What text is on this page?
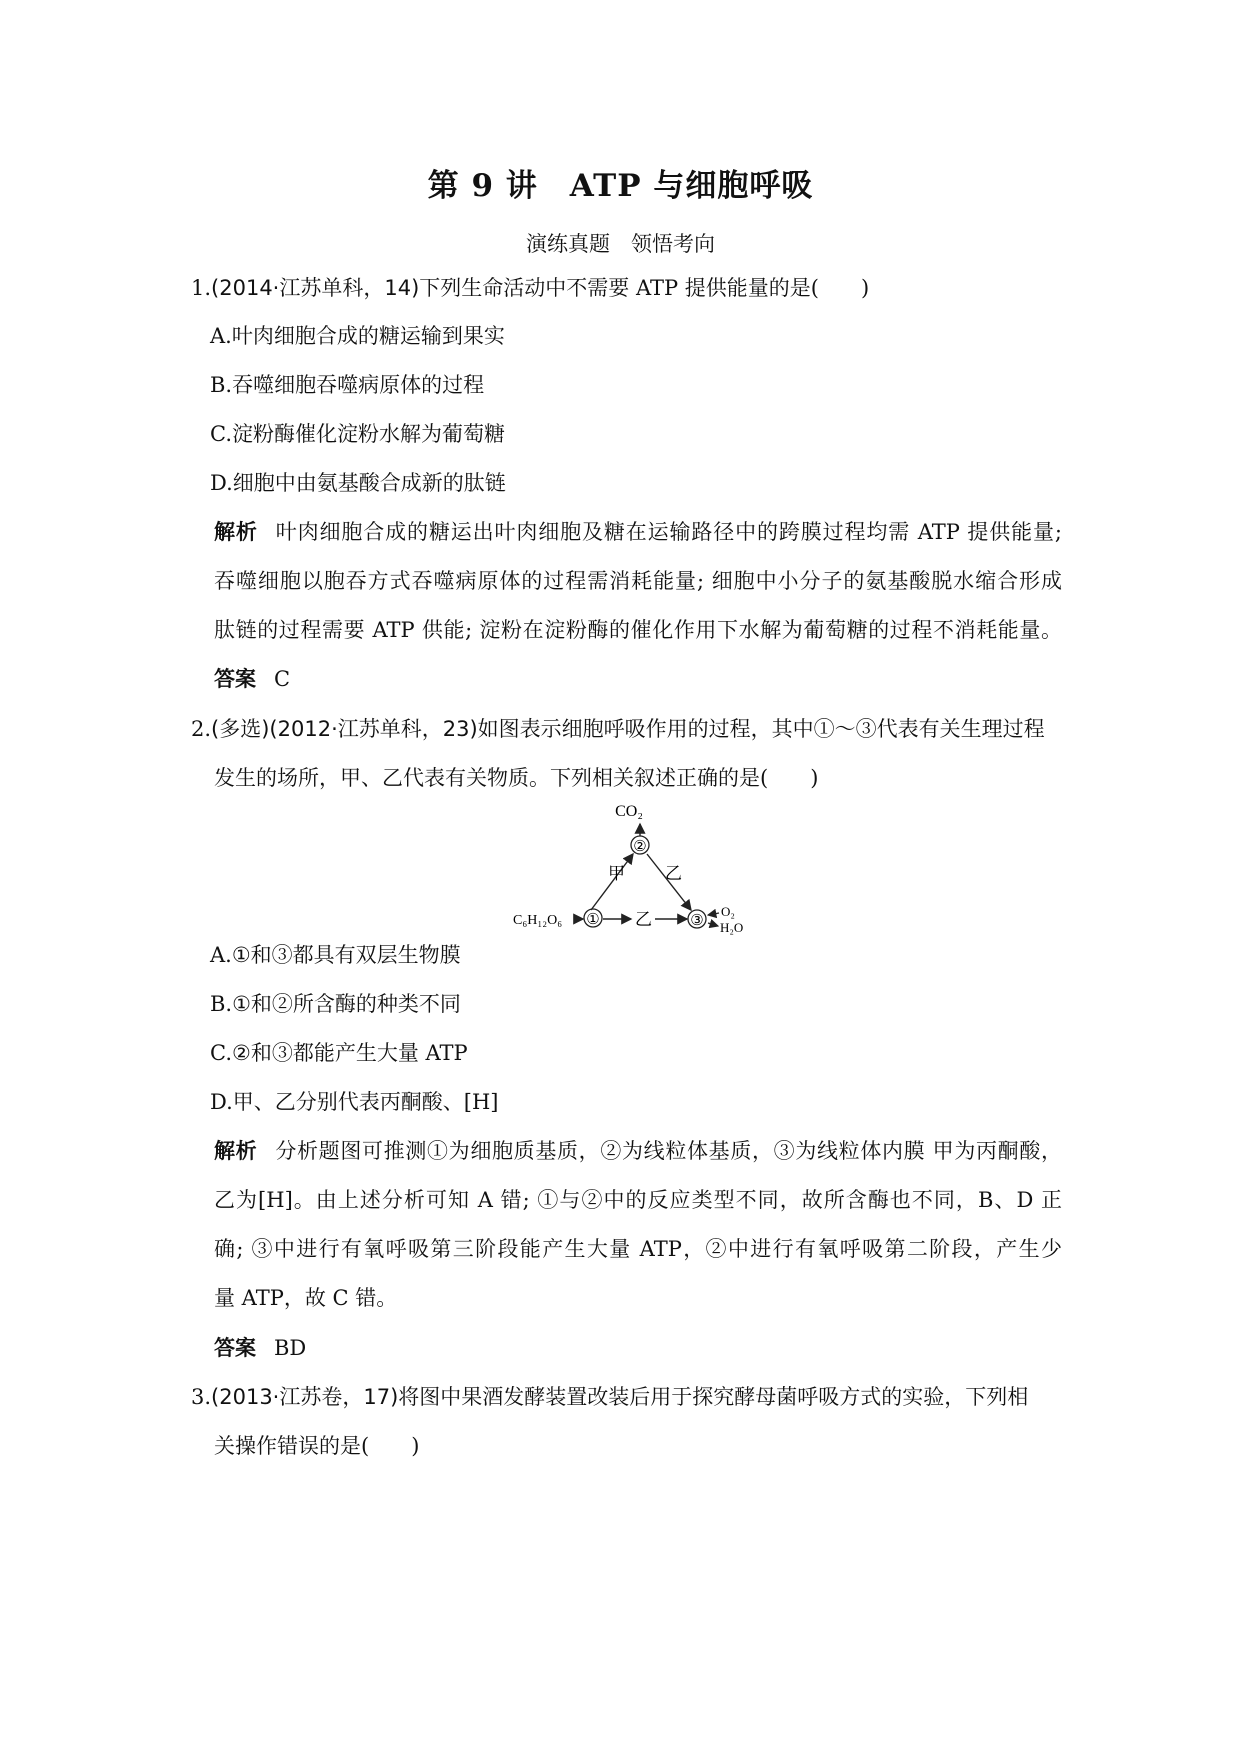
第 9 讲　ATP 与细胞呼吸
演练真题　领悟考向
1.(2014·江苏单科，14)下列生命活动中不需要 ATP 提供能量的是(　　)
A.叶肉细胞合成的糖运输到果实
B.吞噬细胞吞噬病原体的过程
C.淀粉酶催化淀粉水解为葡萄糖
D.细胞中由氨基酸合成新的肽链
解析 叶肉细胞合成的糖运出叶肉细胞及糖在运输路径中的跨膜过程均需 ATP 提供能量;
吞噬细胞以胞吞方式吞噬病原体的过程需消耗能量; 细胞中小分子的氨基酸脱水缩合形成
肽链的过程需要 ATP 供能; 淀粉在淀粉酶的催化作用下水解为葡萄糖的过程不消耗能量。
答案 C
2.(多选)(2012·江苏单科，23)如图表示细胞呼吸作用的过程，其中①～③代表有关生理过程
发生的场所，甲、乙代表有关物质。下列相关叙述正确的是(　　)
CO₂
②
甲 乙
C₆H₁₂O₆ ① 乙	③
O₂
H₂O
A.①和③都具有双层生物膜
B.①和②所含酶的种类不同
C.②和③都能产生大量 ATP
D.甲、乙分别代表丙酮酸、[H]
解析 分析题图可推测①为细胞质基质，②为线粒体基质，③为线粒体内膜 甲为丙酮酸，
乙为[H]。由上述分析可知 A 错; ①与②中的反应类型不同，故所含酶也不同，B、D 正
确; ③中进行有氧呼吸第三阶段能产生大量 ATP，②中进行有氧呼吸第二阶段，产生少
量 ATP，故 C 错。
答案 BD
3.(2013·江苏卷，17)将图中果酒发酵装置改装后用于探究酵母菌呼吸方式的实验，下列相
关操作错误的是(　　)
